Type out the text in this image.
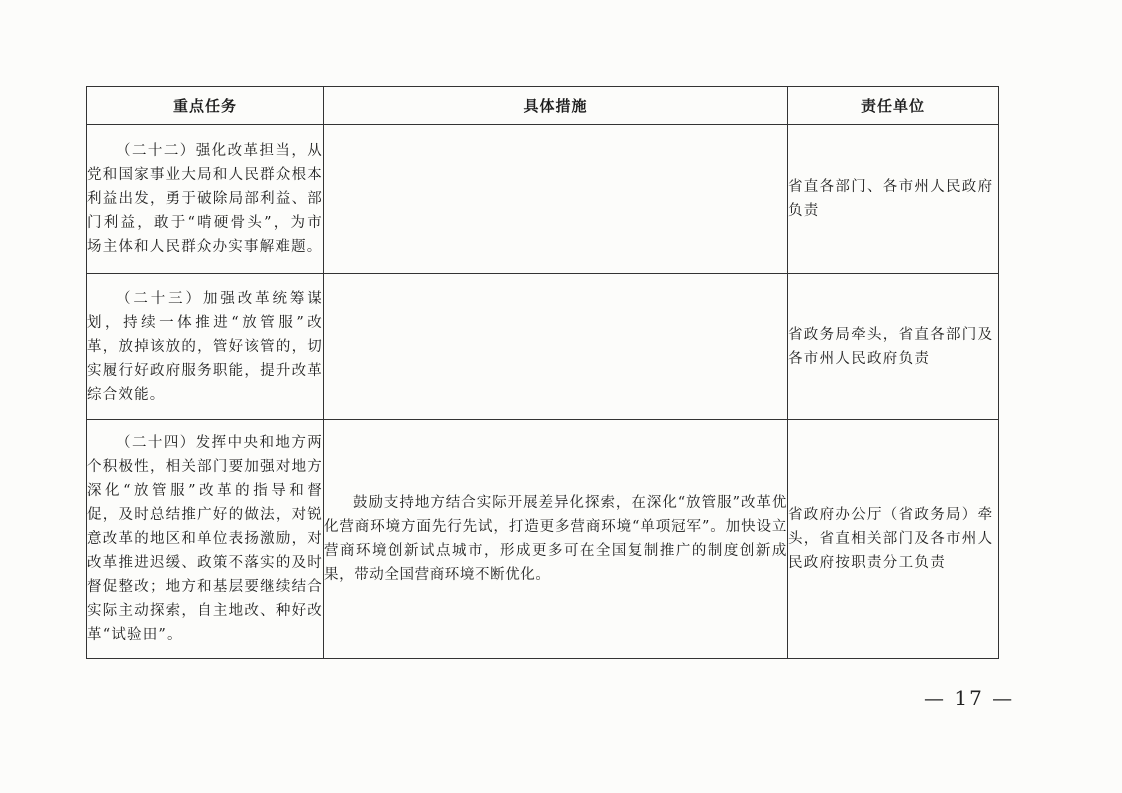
重点任务	具体措施	责任单位
（二十二）强化改革担当，从党和国家事业大局和人民群众根本利益出发，勇于破除局部利益、部门利益，敢于“啃硬骨头”，为市场主体和人民群众办实事解难题。		省直各部门、各市州人民政府负责
（二十三）加强改革统筹谋划，持续一体推进“放管服”改革，放掉该放的，管好该管的，切实履行好政府服务职能，提升改革综合效能。		省政务局牵头，省直各部门及各市州人民政府负责
（二十四）发挥中央和地方两个积极性，相关部门要加强对地方深化“放管服”改革的指导和督促，及时总结推广好的做法，对锐意改革的地区和单位表扬激励，对改革推进迟缓、政策不落实的及时督促整改；地方和基层要继续结合实际主动探索，自主地改、种好改革“试验田”。	鼓励支持地方结合实际开展差异化探索，在深化“放管服”改革优化营商环境方面先行先试，打造更多营商环境“单项冠军”。加快设立营商环境创新试点城市，形成更多可在全国复制推广的制度创新成果，带动全国营商环境不断优化。	省政府办公厅（省政务局）牵头，省直相关部门及各市州人民政府按职责分工负责
— 17 —
